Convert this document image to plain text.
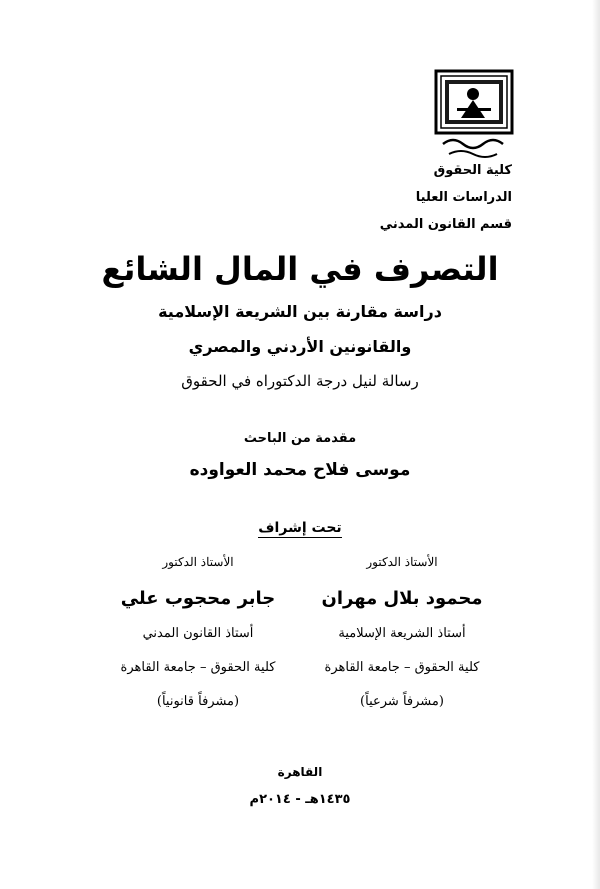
كلية الحقوق
الدراسات العليا
قسم القانون المدني
التصرف في المال الشائع
دراسة مقارنة بين الشريعة الإسلامية
والقانونين الأردني والمصري
رسالة لنيل درجة الدكتوراه في الحقوق
مقدمة من الباحث
موسى فلاح محمد العواوده
تحت إشراف
الأستاذ الدكتور
محمود بلال مهران
أستاذ الشريعة الإسلامية
كلية الحقوق – جامعة القاهرة
(مشرفاً شرعياً)
الأستاذ الدكتور
جابر محجوب علي
أستاذ القانون المدني
كلية الحقوق – جامعة القاهرة
(مشرفاً قانونياً)
القاهرة
١٤٣٥هـ - ٢٠١٤م
